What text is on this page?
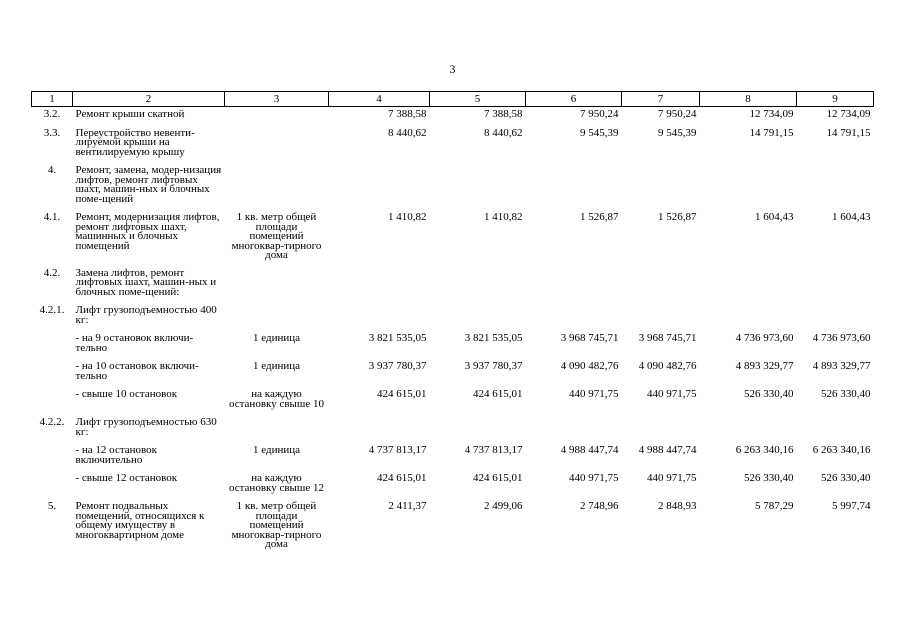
3
1	2	3	4	5	6	7	8	9
3.2.	Ремонт крыши скатной		7 388,58	7 388,58	7 950,24	7 950,24	12 734,09	12 734,09
3.3.	Переустройство невенти-лируемой крыши на вентилируемую крышу		8 440,62	8 440,62	9 545,39	9 545,39	14 791,15	14 791,15
4.	Ремонт, замена, модер-низация лифтов, ремонт лифтовых шахт, машин-ных и блочных поме-щений							
4.1.	Ремонт, модернизация лифтов, ремонт лифтовых шахт, машинных и блочных помещений	1 кв. метр общей площади помещений многоквар-тирного дома	1 410,82	1 410,82	1 526,87	1 526,87	1 604,43	1 604,43
4.2.	Замена лифтов, ремонт лифтовых шахт, машин-ных и блочных поме-щений:							
4.2.1.	Лифт грузоподъемностью 400 кг:							
	- на 9 остановок включи-тельно	1 единица	3 821 535,05	3 821 535,05	3 968 745,71	3 968 745,71	4 736 973,60	4 736 973,60
	- на 10 остановок включи-тельно	1 единица	3 937 780,37	3 937 780,37	4 090 482,76	4 090 482,76	4 893 329,77	4 893 329,77
	- свыше 10 остановок	на каждую остановку свыше 10	424 615,01	424 615,01	440 971,75	440 971,75	526 330,40	526 330,40
4.2.2.	Лифт грузоподъемностью 630 кг:							
	- на 12 остановок включительно	1 единица	4 737 813,17	4 737 813,17	4 988 447,74	4 988 447,74	6 263 340,16	6 263 340,16
	- свыше 12 остановок	на каждую остановку свыше 12	424 615,01	424 615,01	440 971,75	440 971,75	526 330,40	526 330,40
5.	Ремонт подвальных помещений, относящихся к общему имуществу в многоквартирном доме	1 кв. метр общей площади помещений многоквар-тирного дома	2 411,37	2 499,06	2 748,96	2 848,93	5 787,29	5 997,74
